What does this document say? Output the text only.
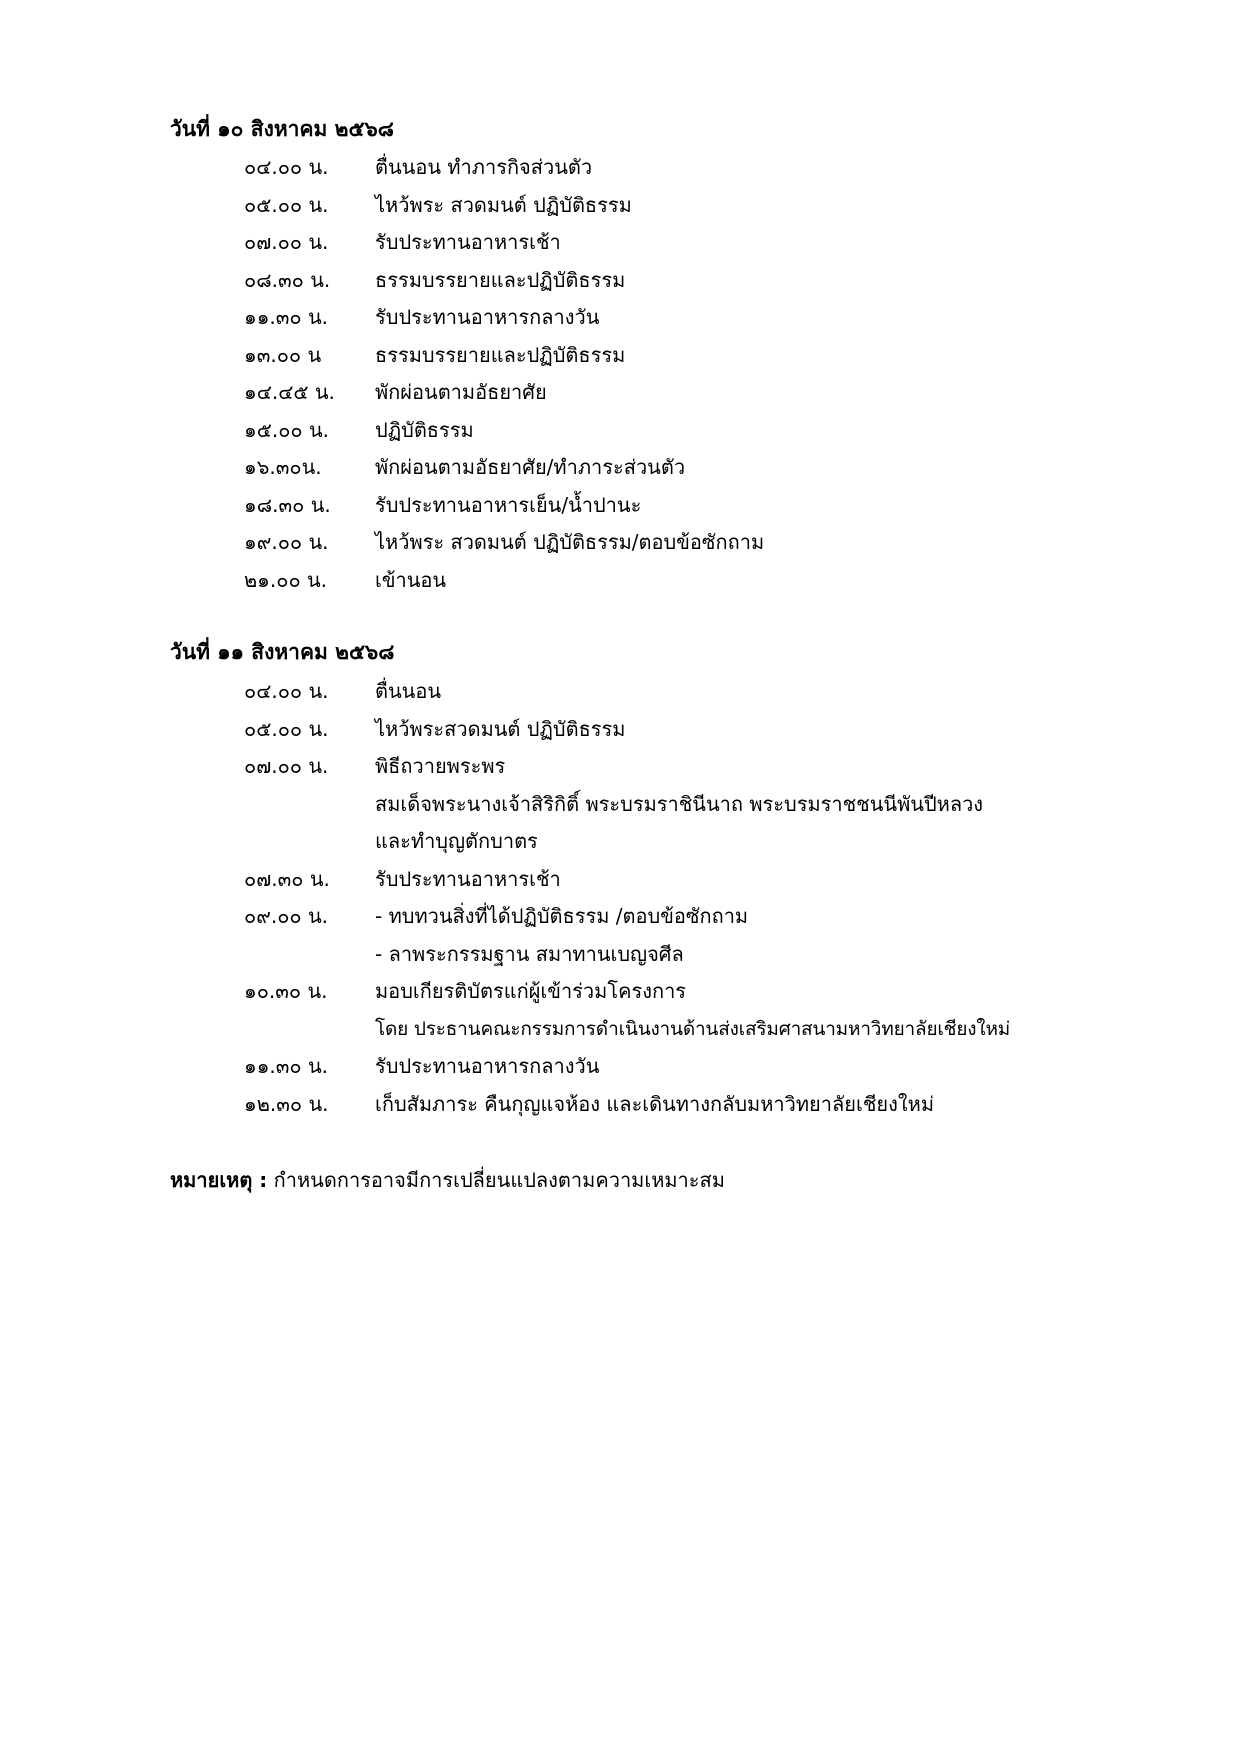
วันที่ ๑๐ สิงหาคม ๒๕๖๘
๐๔.๐๐ น.	ตื่นนอน ทำภารกิจส่วนตัว
๐๕.๐๐ น.	ไหว้พระ สวดมนต์ ปฏิบัติธรรม
๐๗.๐๐ น.	รับประทานอาหารเช้า
๐๘.๓๐ น.	ธรรมบรรยายและปฏิบัติธรรม
๑๑.๓๐ น.	รับประทานอาหารกลางวัน
๑๓.๐๐ น	ธรรมบรรยายและปฏิบัติธรรม
๑๔.๔๕ น.	พักผ่อนตามอัธยาศัย
๑๕.๐๐ น.	ปฏิบัติธรรม
๑๖.๓๐น.	พักผ่อนตามอัธยาศัย/ทำภาระส่วนตัว
๑๘.๓๐ น.	รับประทานอาหารเย็น/น้ำปานะ
๑๙.๐๐ น.	ไหว้พระ สวดมนต์ ปฏิบัติธรรม/ตอบข้อซักถาม
๒๑.๐๐ น.	เข้านอน
วันที่ ๑๑ สิงหาคม ๒๕๖๘
๐๔.๐๐ น.	ตื่นนอน
๐๕.๐๐ น.	ไหว้พระสวดมนต์ ปฏิบัติธรรม
๐๗.๐๐ น.	พิธีถวายพระพร
สมเด็จพระนางเจ้าสิริกิติ์ พระบรมราชินีนาถ พระบรมราชชนนีพันปีหลวง
และทำบุญตักบาตร
๐๗.๓๐ น.	รับประทานอาหารเช้า
๐๙.๐๐ น.	- ทบทวนสิ่งที่ได้ปฏิบัติธรรม /ตอบข้อซักถาม
- ลาพระกรรมฐาน สมาทานเบญจศีล
๑๐.๓๐ น.	มอบเกียรติบัตรแก่ผู้เข้าร่วมโครงการ
โดย ประธานคณะกรรมการดำเนินงานด้านส่งเสริมศาสนามหาวิทยาลัยเชียงใหม่
๑๑.๓๐ น.	รับประทานอาหารกลางวัน
๑๒.๓๐ น.	เก็บสัมภาระ คืนกุญแจห้อง และเดินทางกลับมหาวิทยาลัยเชียงใหม่
หมายเหตุ : กำหนดการอาจมีการเปลี่ยนแปลงตามความเหมาะสม
